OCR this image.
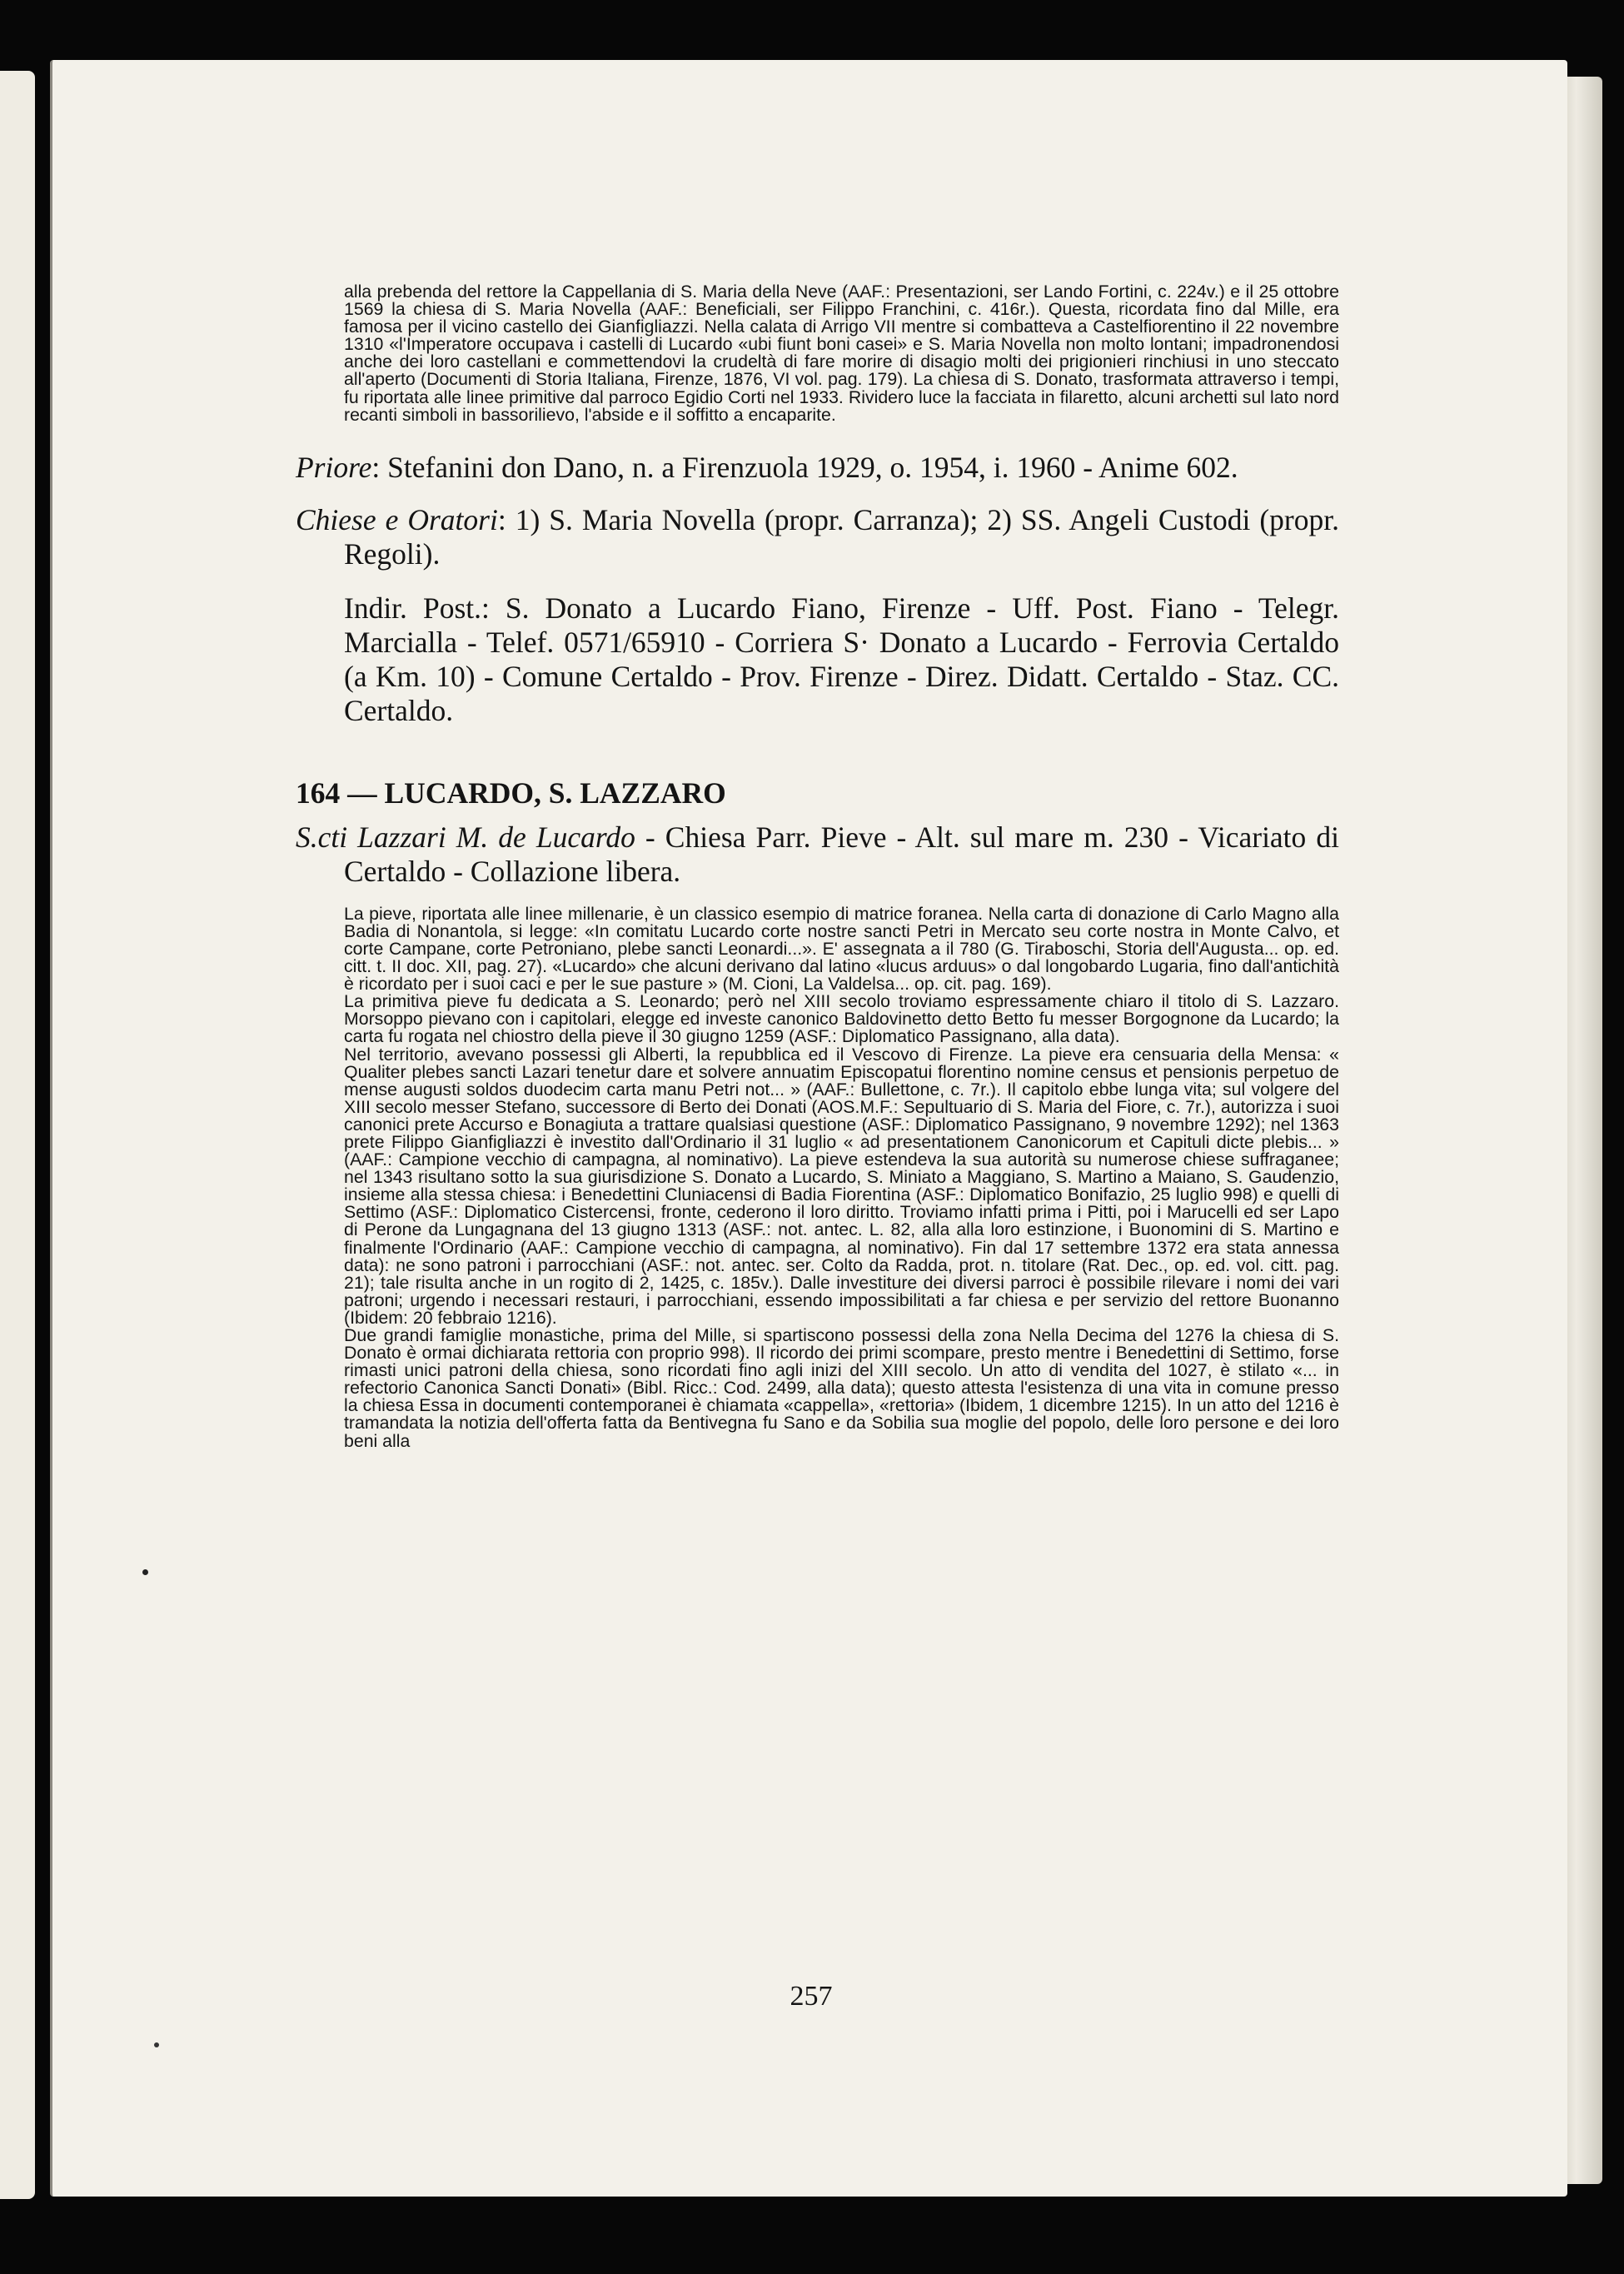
alla prebenda del rettore la Cappellania di S. Maria della Neve (AAF.: Presentazioni, ser Lando Fortini, c. 224v.) e il 25 ottobre 1569 la chiesa di S. Maria Novella (AAF.: Beneficiali, ser Filippo Franchini, c. 416r.). Questa, ricordata fino dal Mille, era famosa per il vicino castello dei Gianfigliazzi. Nella calata di Arrigo VII mentre si combatteva a Castelfiorentino il 22 novembre 1310 «l'Imperatore occupava i castelli di Lucardo «ubi fiunt boni casei» e S. Maria Novella non molto lontani; impadronendosi anche dei loro castellani e commettendovi la crudeltà di fare morire di disagio molti dei prigionieri rinchiusi in uno steccato all'aperto (Documenti di Storia Italiana, Firenze, 1876, VI vol. pag. 179). La chiesa di S. Donato, trasformata attraverso i tempi, fu riportata alle linee primitive dal parroco Egidio Corti nel 1933. Rividero luce la facciata in filaretto, alcuni archetti sul lato nord recanti simboli in bassorilievo, l'abside e il soffitto a encaparite.

Priore: Stefanini don Dano, n. a Firenzuola 1929, o. 1954, i. 1960 - Anime 602.

Chiese e Oratori: 1) S. Maria Novella (propr. Carranza); 2) SS. Angeli Custodi (propr. Regoli).

Indir. Post.: S. Donato a Lucardo Fiano, Firenze - Uff. Post. Fiano - Telegr. Marcialla - Telef. 0571/65910 - Corriera S· Donato a Lucardo - Ferrovia Certaldo (a Km. 10) - Comune Certaldo - Prov. Firenze - Direz. Didatt. Certaldo - Staz. CC. Certaldo.

164 — LUCARDO, S. LAZZARO

S.cti Lazzari M. de Lucardo - Chiesa Parr. Pieve - Alt. sul mare m. 230 - Vicariato di Certaldo - Collazione libera.

La pieve, riportata alle linee millenarie, è un classico esempio di matrice foranea. Nella carta di donazione di Carlo Magno alla Badia di Nonantola, si legge: «In comitatu Lucardo corte nostre sancti Petri in Mercato seu corte nostra in Monte Calvo, et corte Campane, corte Petroniano, plebe sancti Leonardi...». E' assegnata a il 780 (G. Tiraboschi, Storia dell'Augusta... op. ed. citt. t. II doc. XII, pag. 27). «Lucardo» che alcuni derivano dal latino «lucus arduus» o dal longobardo Lugaria, fino dall'antichità è ricordato per i suoi caci e per le sue pasture » (M. Cioni, La Valdelsa... op. cit. pag. 169).

La primitiva pieve fu dedicata a S. Leonardo; però nel XIII secolo troviamo espressamente chiaro il titolo di S. Lazzaro. Morsoppo pievano con i capitolari, elegge ed investe canonico Baldovinetto detto Betto fu messer Borgognone da Lucardo; la carta fu rogata nel chiostro della pieve il 30 giugno 1259 (ASF.: Diplomatico Passignano, alla data).

Nel territorio, avevano possessi gli Alberti, la repubblica ed il Vescovo di Firenze. La pieve era censuaria della Mensa: « Qualiter plebes sancti Lazari tenetur dare et solvere annuatim Episcopatui florentino nomine census et pensionis perpetuo de mense augusti soldos duodecim carta manu Petri not... » (AAF.: Bullettone, c. 7r.). Il capitolo ebbe lunga vita; sul volgere del XIII secolo messer Stefano, successore di Berto dei Donati (AOS.M.F.: Sepultuario di S. Maria del Fiore, c. 7r.), autorizza i suoi canonici prete Accurso e Bonagiuta a trattare qualsiasi questione (ASF.: Diplomatico Passignano, 9 novembre 1292); nel 1363 prete Filippo Gianfigliazzi è investito dall'Ordinario il 31 luglio « ad presentationem Canonicorum et Capituli dicte plebis... » (AAF.: Campione vecchio di campagna, al nominativo). La pieve estendeva la sua autorità su numerose chiese suffraganee; nel 1343 risultano sotto la sua giurisdizione S. Donato a Lucardo, S. Miniato a Maggiano, S. Martino a Maiano, S. Gaudenzio, insieme alla stessa chiesa: i Benedettini Cluniacensi di Badia Fiorentina (ASF.: Diplomatico Bonifazio, 25 luglio 998) e quelli di Settimo (ASF.: Diplomatico Cistercensi, fronte, cederono il loro diritto. Troviamo infatti prima i Pitti, poi i Marucelli ed ser Lapo di Perone da Lungagnana del 13 giugno 1313 (ASF.: not. antec. L. 82, alla alla loro estinzione, i Buonomini di S. Martino e finalmente l'Ordinario (AAF.: Campione vecchio di campagna, al nominativo). Fin dal 17 settembre 1372 era stata annessa data): ne sono patroni i parrocchiani (ASF.: not. antec. ser. Colto da Radda, prot. n. titolare (Rat. Dec., op. ed. vol. citt. pag. 21); tale risulta anche in un rogito di 2, 1425, c. 185v.). Dalle investiture dei diversi parroci è possibile rilevare i nomi dei vari patroni; urgendo i necessari restauri, i parrocchiani, essendo impossibilitati a far chiesa e per servizio del rettore Buonanno (Ibidem: 20 febbraio 1216).

Due grandi famiglie monastiche, prima del Mille, si spartiscono possessi della zona Nella Decima del 1276 la chiesa di S. Donato è ormai dichiarata rettoria con proprio 998). Il ricordo dei primi scompare, presto mentre i Benedettini di Settimo, forse rimasti unici patroni della chiesa, sono ricordati fino agli inizi del XIII secolo. Un atto di vendita del 1027, è stilato «... in refectorio Canonica Sancti Donati» (Bibl. Ricc.: Cod. 2499, alla data); questo attesta l'esistenza di una vita in comune presso la chiesa Essa in documenti contemporanei è chiamata «cappella», «rettoria» (Ibidem, 1 dicembre 1215). In un atto del 1216 è tramandata la notizia dell'offerta fatta da Bentivegna fu Sano e da Sobilia sua moglie del popolo, delle loro persone e dei loro beni alla

257
